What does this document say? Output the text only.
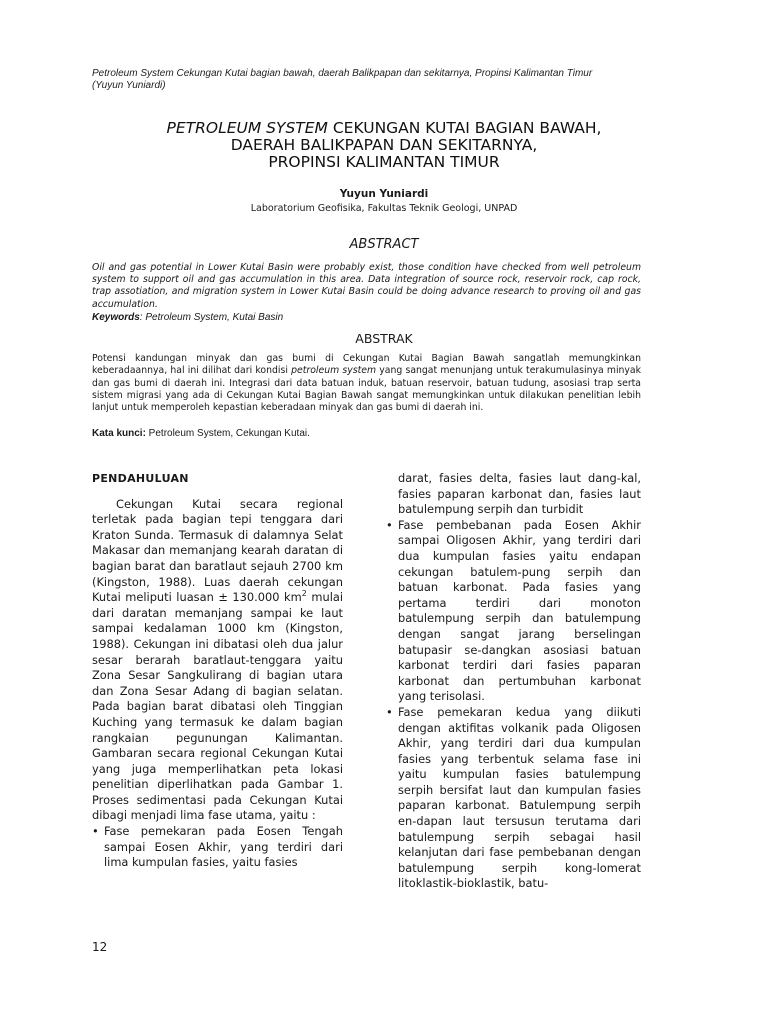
Petroleum System Cekungan Kutai bagian bawah, daerah Balikpapan dan sekitarnya, Propinsi Kalimantan Timur
(Yuyun Yuniardi)
PETROLEUM SYSTEM CEKUNGAN KUTAI BAGIAN BAWAH,
DAERAH BALIKPAPAN DAN SEKITARNYA,
PROPINSI KALIMANTAN TIMUR
Yuyun Yuniardi
Laboratorium Geofisika, Fakultas Teknik Geologi, UNPAD
ABSTRACT
Oil and gas potential in Lower Kutai Basin were probably exist, those condition have checked from well petroleum system to support oil and gas accumulation in this area. Data integration of source rock, reservoir rock, cap rock, trap assotiation, and migration system in Lower Kutai Basin could be doing advance research to proving oil and gas accumulation.
Keywords: Petroleum System, Kutai Basin
ABSTRAK
Potensi kandungan minyak dan gas bumi di Cekungan Kutai Bagian Bawah sangatlah memungkinkan keberadaannya, hal ini dilihat dari kondisi petroleum system yang sangat menunjang untuk terakumulasinya minyak dan gas bumi di daerah ini. Integrasi dari data batuan induk, batuan reservoir, batuan tudung, asosiasi trap serta sistem migrasi yang ada di Cekungan Kutai Bagian Bawah sangat memungkinkan untuk dilakukan penelitian lebih lanjut untuk memperoleh kepastian keberadaan minyak dan gas bumi di daerah ini.
Kata kunci: Petroleum System, Cekungan Kutai.
PENDAHULUAN

Cekungan Kutai secara regional terletak pada bagian tepi tenggara dari Kraton Sunda. Termasuk di dalamnya Selat Makasar dan memanjang kearah daratan di bagian barat dan baratlaut sejauh 2700 km (Kingston, 1988). Luas daerah cekungan Kutai meliputi luasan ± 130.000 $km^2$ mulai dari daratan memanjang sampai ke laut sampai kedalaman 1000 km (Kingston, 1988). Cekungan ini dibatasi oleh dua jalur sesar berarah baratlaut-tenggara yaitu Zona Sesar Sangkulirang di bagian utara dan Zona Sesar Adang di bagian selatan. Pada bagian barat dibatasi oleh Tinggian Kuching yang termasuk ke dalam bagian rangkaian pegunungan Kalimantan. Gambaran secara regional Cekungan Kutai yang juga memperlihatkan peta lokasi penelitian diperlihatkan pada Gambar 1. Proses sedimentasi pada Cekungan Kutai dibagi menjadi lima fase utama, yaitu :

• Fase pemekaran pada Eosen Tengah sampai Eosen Akhir, yang terdiri dari lima kumpulan fasies, yaitu fasies

darat, fasies delta, fasies laut dang-kal, fasies paparan karbonat dan, fasies laut batulempung serpih dan turbidit

• Fase pembebanan pada Eosen Akhir sampai Oligosen Akhir, yang terdiri dari dua kumpulan fasies yaitu endapan cekungan batulem-pung serpih dan batuan karbonat. Pada fasies yang pertama terdiri dari monoton batulempung serpih dan batulempung dengan sangat jarang berselingan batupasir se-dangkan asosiasi batuan karbonat terdiri dari fasies paparan karbonat dan pertumbuhan karbonat yang terisolasi.
• Fase pemekaran kedua yang diikuti dengan aktifitas volkanik pada Oligosen Akhir, yang terdiri dari dua kumpulan fasies yang terbentuk selama fase ini yaitu kumpulan fasies batulempung serpih bersifat laut dan kumpulan fasies paparan karbonat. Batulempung serpih en-dapan laut tersusun terutama dari batulempung serpih sebagai hasil kelanjutan dari fase pembebanan dengan batulempung serpih kong-lomerat litoklastik-bioklastik, batu-
12
